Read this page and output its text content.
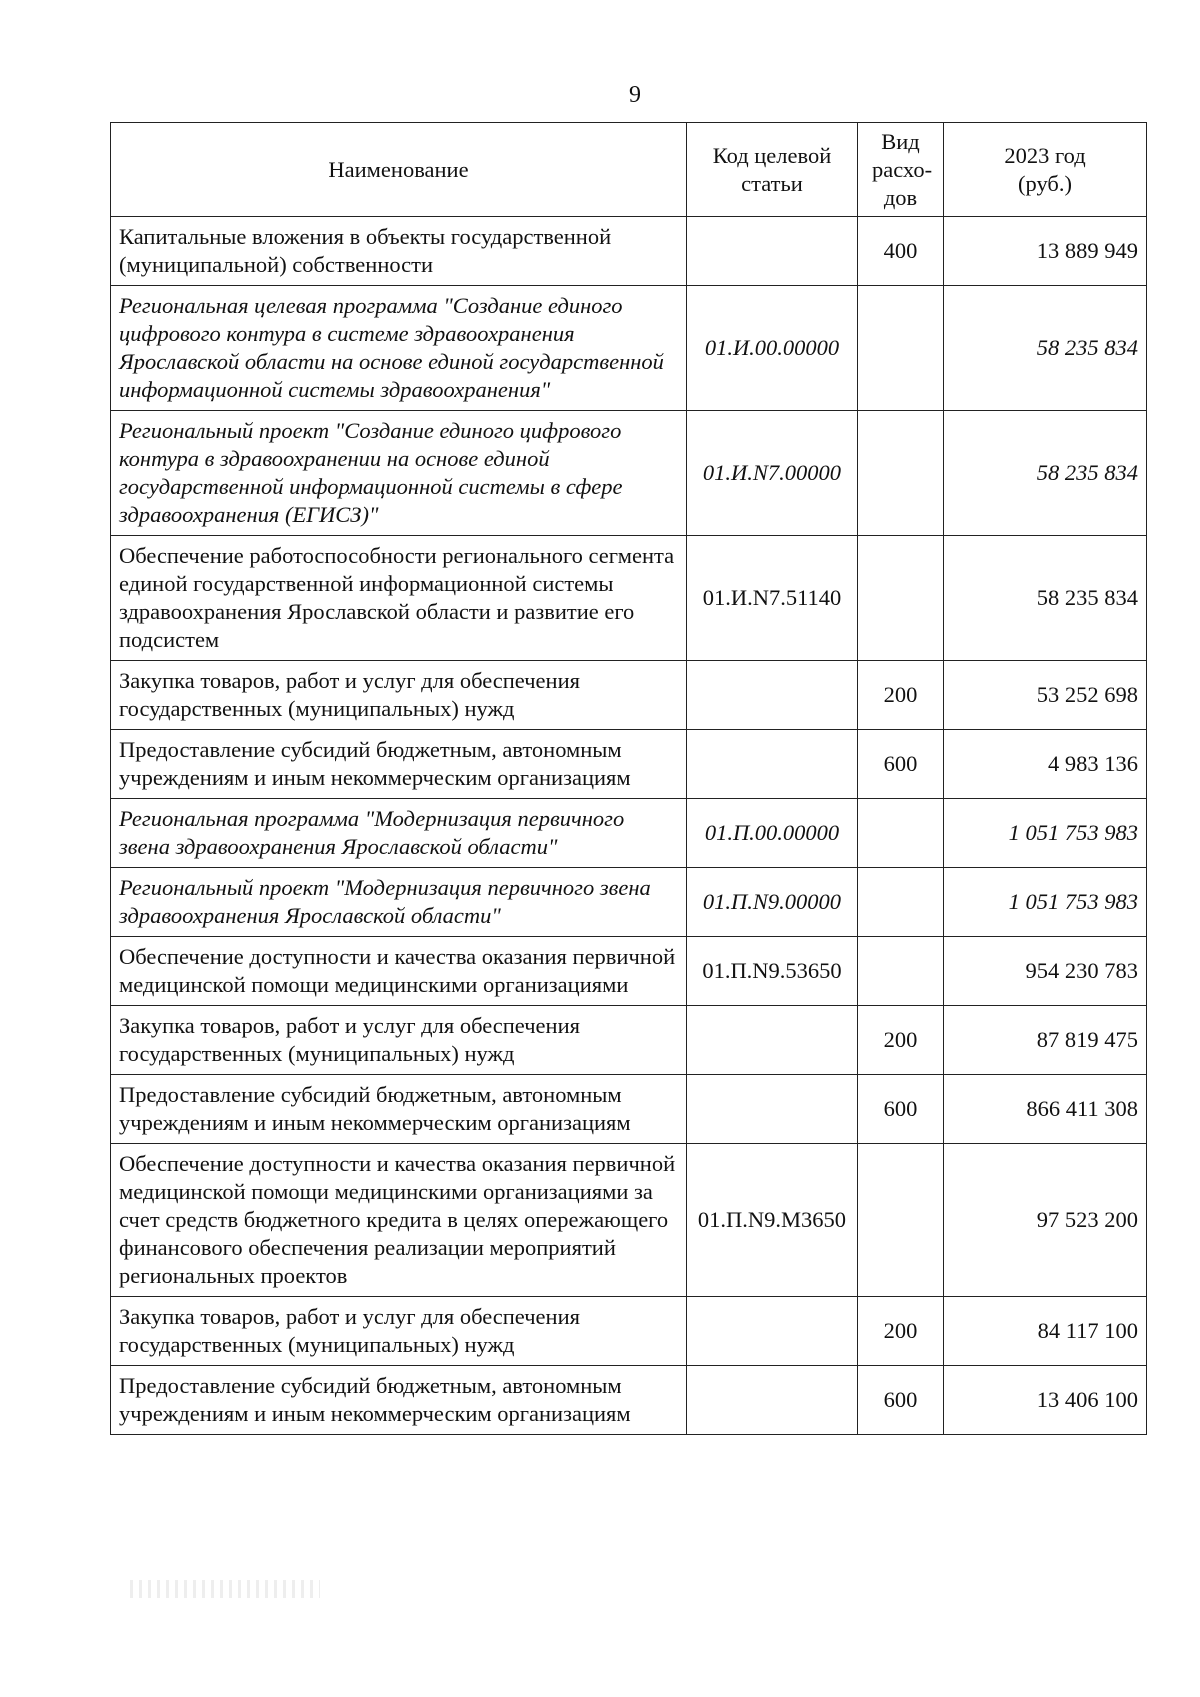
9
Наименование	Код целевой статьи	Вид расхо-дов	2023 год (руб.)
Капитальные вложения в объекты государственной (муниципальной) собственности		400	13 889 949
Региональная целевая программа "Создание единого цифрового контура в системе здравоохранения Ярославской области на основе единой государственной информационной системы здравоохранения"	01.И.00.00000		58 235 834
Региональный проект "Создание единого цифрового контура в здравоохранении на основе единой государственной информационной системы в сфере здравоохранения (ЕГИСЗ)"	01.И.N7.00000		58 235 834
Обеспечение работоспособности регионального сегмента единой государственной информационной системы здравоохранения Ярославской области и развитие его подсистем	01.И.N7.51140		58 235 834
Закупка товаров, работ и услуг для обеспечения государственных (муниципальных) нужд		200	53 252 698
Предоставление субсидий бюджетным, автономным учреждениям и иным некоммерческим организациям		600	4 983 136
Региональная программа "Модернизация первичного звена здравоохранения Ярославской области"	01.П.00.00000		1 051 753 983
Региональный проект "Модернизация первичного звена здравоохранения Ярославской области"	01.П.N9.00000		1 051 753 983
Обеспечение доступности и качества оказания первичной медицинской помощи медицинскими организациями	01.П.N9.53650		954 230 783
Закупка товаров, работ и услуг для обеспечения государственных (муниципальных) нужд		200	87 819 475
Предоставление субсидий бюджетным, автономным учреждениям и иным некоммерческим организациям		600	866 411 308
Обеспечение доступности и качества оказания первичной медицинской помощи медицинскими организациями за счет средств бюджетного кредита в целях опережающего финансового обеспечения реализации мероприятий региональных проектов	01.П.N9.М3650		97 523 200
Закупка товаров, работ и услуг для обеспечения государственных (муниципальных) нужд		200	84 117 100
Предоставление субсидий бюджетным, автономным учреждениям и иным некоммерческим организациям		600	13 406 100
